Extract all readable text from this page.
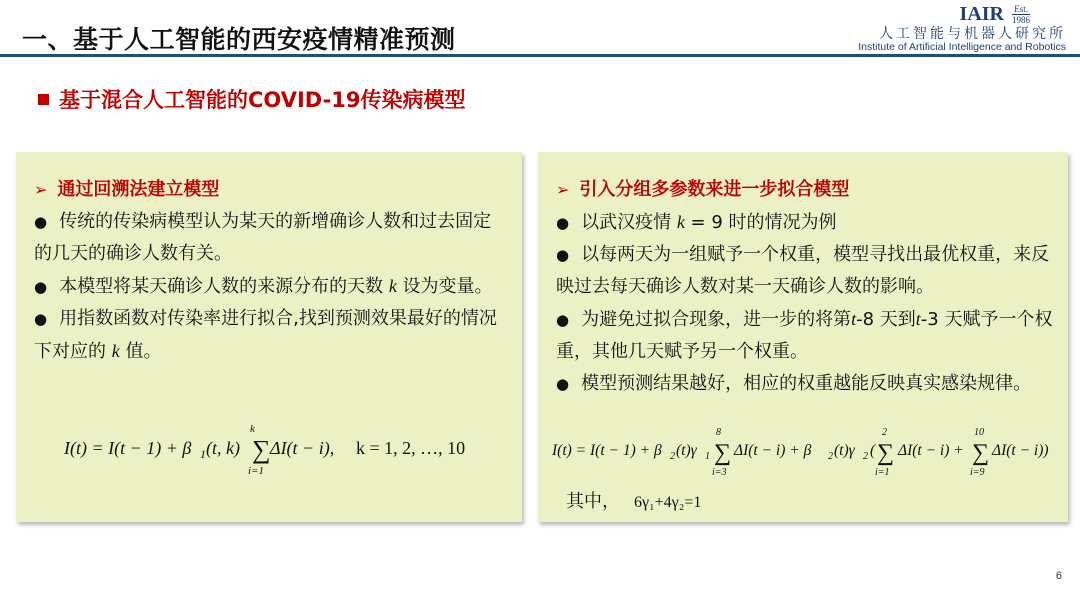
一、基于人工智能的西安疫情精准预测
IAIR Est.
1986
人工智能与机器人研究所
Institute of Artificial Intelligence and Robotics
基于混合人工智能的COVID-19传染病模型
➢ 通过回溯法建立模型
● 传统的传染病模型认为某天的新增确诊人数和过去固定的几天的确诊人数有关。
● 本模型将某天确诊人数的来源分布的天数 k 设为变量。
● 用指数函数对传染率进行拟合,找到预测效果最好的情况下对应的 k 值。
I(t) = I(t − 1) + β 1 (t, k)
k
∑
i=1
ΔI(t − i), k = 1, 2, …, 10
➢ 引入分组多参数来进一步拟合模型
● 以武汉疫情 k = 9 时的情况为例
● 以每两天为一组赋予一个权重，模型寻找出最优权重，来反映过去每天确诊人数对某一天确诊人数的影响。
● 为避免过拟合现象，进一步的将第t-8 天到t-3 天赋予一个权重，其他几天赋予另一个权重。
● 模型预测结果越好，相应的权重越能反映真实感染规律。
I(t) = I(t − 1) + β 2 (t)γ 1
8
∑
i=3
ΔI(t − i) + β 2 (t)γ 2 (
2
∑
i=1
ΔI(t − i) +
10
∑
i=9
ΔI(t − i))
其中， 6γ₁+4γ₂=1
6
